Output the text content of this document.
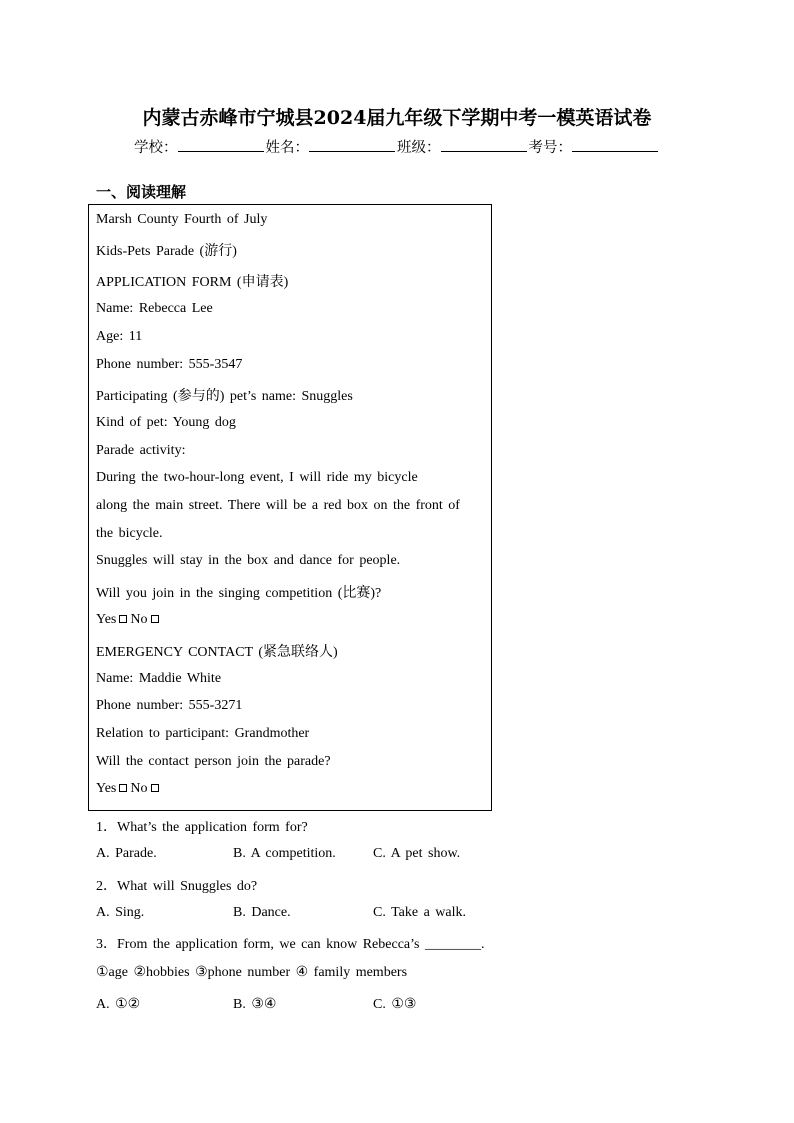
内蒙古赤峰市宁城县2024届九年级下学期中考一模英语试卷
学校：	姓名：	班级：	考号：
一、阅读理解
Marsh County Fourth of July
Kids-Pets Parade (游行)
APPLICATION FORM (申请表)
Name: Rebecca Lee
Age: 11
Phone number: 555-3547
Participating (参与的) pet’s name: Snuggles
Kind of pet: Young dog
Parade activity:
During the two-hour-long event, I will ride my bicycle
along the main street. There will be a red box on the front of
the bicycle.
Snuggles will stay in the box and dance for people.
Will you join in the singing competition (比赛)?
Yes No
EMERGENCY CONTACT (紧急联络人)
Name: Maddie White
Phone number: 555-3271
Relation to participant: Grandmother
Will the contact person join the parade?
Yes No
1．What’s the application form for?
A. Parade.	B. A competition.	C. A pet show.
2．What will Snuggles do?
A. Sing.	B. Dance.	C. Take a walk.
3．From the application form, we can know Rebecca’s ________.
①age ②hobbies ③phone number ④ family members
A. ①②	B. ③④	C. ①③
